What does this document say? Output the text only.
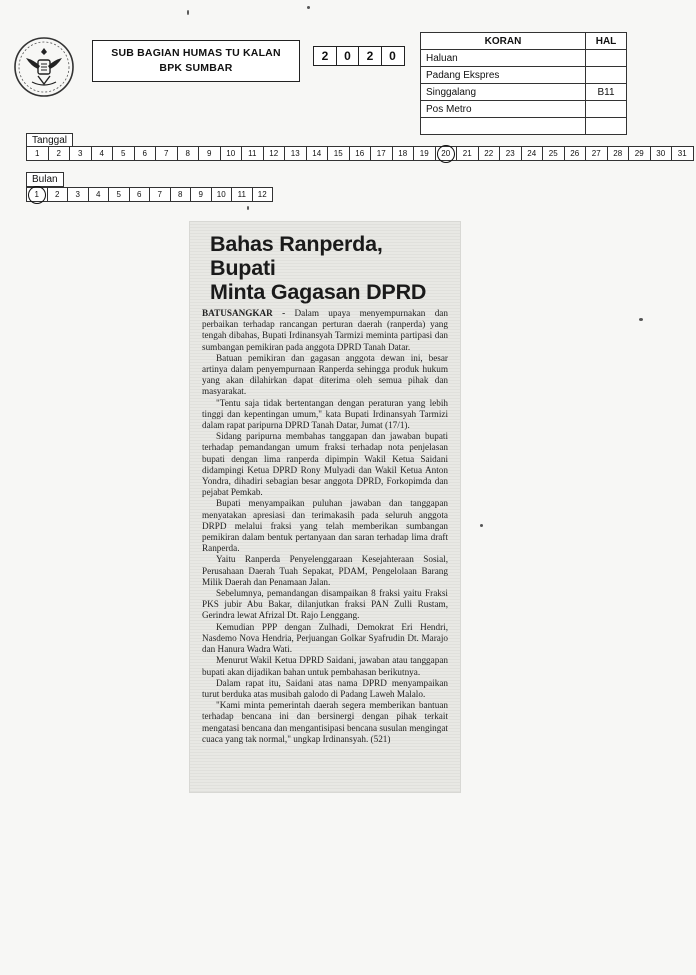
SUB BAGIAN HUMAS TU KALAN
BPK SUMBAR
2	0	2	0
KORAN	HAL
Haluan	
Padang Ekspres	
Singgalang	B11
Pos Metro	

Tanggal
1	2	3	4	5	6	7	8	9	10	11	12	13	14	15	16	17	18	19	20	21	22	23	24	25	26	27	28	29	30	31
Bulan
1	2	3	4	5	6	7	8	9	10	11	12
Bahas Ranperda, Bupati
Minta Gagasan DPRD

BATUSANGKAR - Dalam upaya menyempurnakan dan perbaikan terhadap rancangan perturan daerah (ranperda) yang tengah dibahas, Bupati Irdinansyah Tarmizi meminta partipasi dan sumbangan pemikiran pada anggota DPRD Tanah Datar.

Batuan pemikiran dan gagasan anggota dewan ini, besar artinya dalam penyempurnaan Ranperda sehingga produk hukum yang akan dilahirkan dapat diterima oleh semua pihak dan masyarakat.

"Tentu saja tidak bertentangan dengan peraturan yang lebih tinggi dan kepentingan umum," kata Bupati Irdinansyah Tarmizi dalam rapat paripurna DPRD Tanah Datar, Jumat (17/1).

Sidang paripurna membahas tanggapan dan jawaban bupati terhadap pemandangan umum fraksi terhadap nota penjelasan bupati dengan lima ranperda dipimpin Wakil Ketua Saidani didampingi Ketua DPRD Rony Mulyadi dan Wakil Ketua Anton Yondra, dihadiri sebagian besar anggota DPRD, Forkopimda dan pejabat Pemkab.

Bupati menyampaikan puluhan jawaban dan tanggapan menyatakan apresiasi dan terimakasih pada seluruh anggota DRPD melalui fraksi yang telah memberikan sumbangan pemikiran dalam bentuk pertanyaan dan saran terhadap lima draft Ranperda.

Yaitu Ranperda Penyelenggaraan Kesejahteraan Sosial, Perusahaan Daerah Tuah Sepakat, PDAM, Pengelolaan Barang Milik Daerah dan Penamaan Jalan.

Sebelumnya, pemandangan disampaikan 8 fraksi yaitu Fraksi PKS jubir Abu Bakar, dilanjutkan fraksi PAN Zulli Rustam, Gerindra lewat Afrizal Dt. Rajo Lenggang.

Kemudian PPP dengan Zulhadi, Demokrat Eri Hendri, Nasdemo Nova Hendria, Perjuangan Golkar Syafrudin Dt. Marajo dan Hanura Wadra Wati.

Menurut Wakil Ketua DPRD Saidani, jawaban atau tanggapan bupati akan dijadikan bahan untuk pembahasan berikutnya.

Dalam rapat itu, Saidani atas nama DPRD menyampaikan turut berduka atas musibah galodo di Padang Laweh Malalo.

"Kami minta pemerintah daerah segera memberikan bantuan terhadap bencana ini dan bersinergi dengan pihak terkait mengatasi bencana dan mengantisipasi bencana susulan mengingat cuaca yang tak normal," ungkap Irdinansyah. (521)
